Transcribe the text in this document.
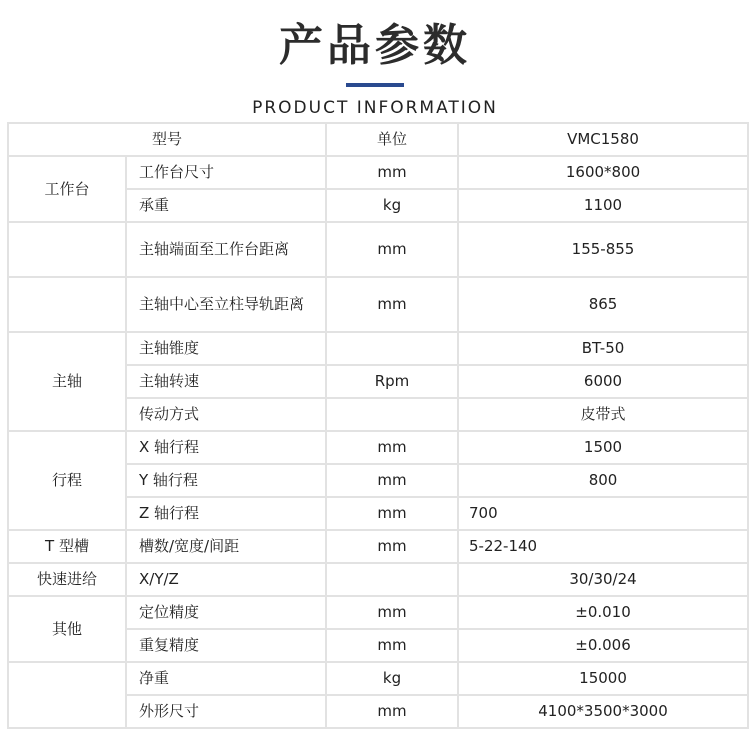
产品参数
PRODUCT INFORMATION
型号		单位	VMC1580
工作台	工作台尺寸	mm	1600*800
	承重	kg	1100
	主轴端面至工作台距离	mm	155-855
	主轴中心至立柱导轨距离	mm	865
主轴	主轴锥度		BT-50
	主轴转速	Rpm	6000
	传动方式		皮带式
行程	X 轴行程	mm	1500
	Y 轴行程	mm	800
	Z 轴行程	mm	700
T 型槽	槽数/宽度/间距	mm	5-22-140
快速进给	X/Y/Z		30/30/24
其他	定位精度	mm	±0.010
	重复精度	mm	±0.006
	净重	kg	15000
	外形尺寸	mm	4100*3500*3000
